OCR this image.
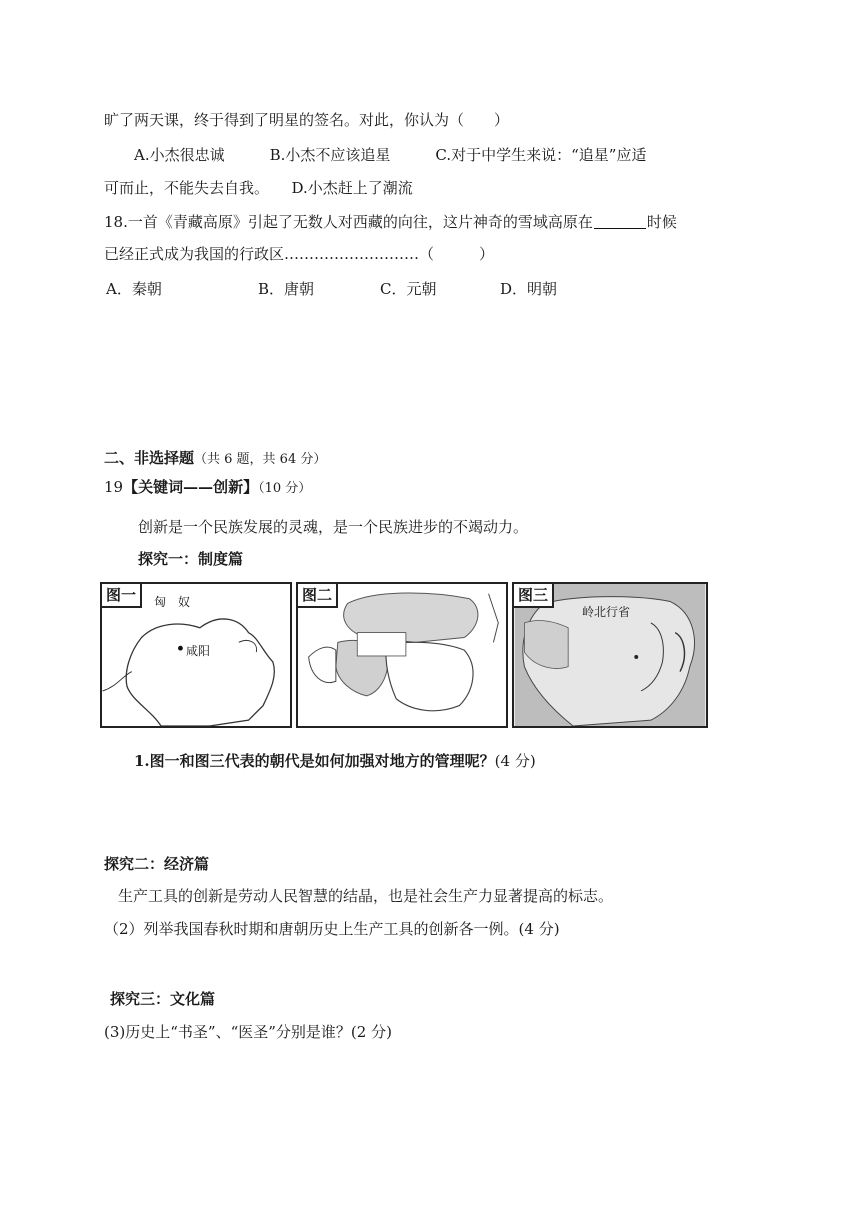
旷了两天课，终于得到了明星的签名。对此，你认为（　　）
A.小杰很忠诚　　　B.小杰不应该追星　　　C.对于中学生来说：“追星”应适
可而止，不能失去自我。　　D.小杰赶上了潮流
18.一首《青藏高原》引起了无数人对西藏的向往，这片神奇的雪域高原在	时候
已经正式成为我国的行政区………………………（　　　）
A．秦朝	B．唐朝	C．元朝	D．明朝
二、非选择题（共 6 题，共 64 分）
19【关键词——创新】（10 分）
创新是一个民族发展的灵魂，是一个民族进步的不竭动力。
探究一：制度篇
图一	匈　奴
咸阳
图二	图三
岭北行省
1.图一和图三代表的朝代是如何加强对地方的管理呢？(4 分)
探究二：经济篇
生产工具的创新是劳动人民智慧的结晶，也是社会生产力显著提高的标志。
（2）列举我国春秋时期和唐朝历史上生产工具的创新各一例。(4 分)
探究三：文化篇
(3)历史上“书圣”、“医圣”分别是谁？(2 分)
